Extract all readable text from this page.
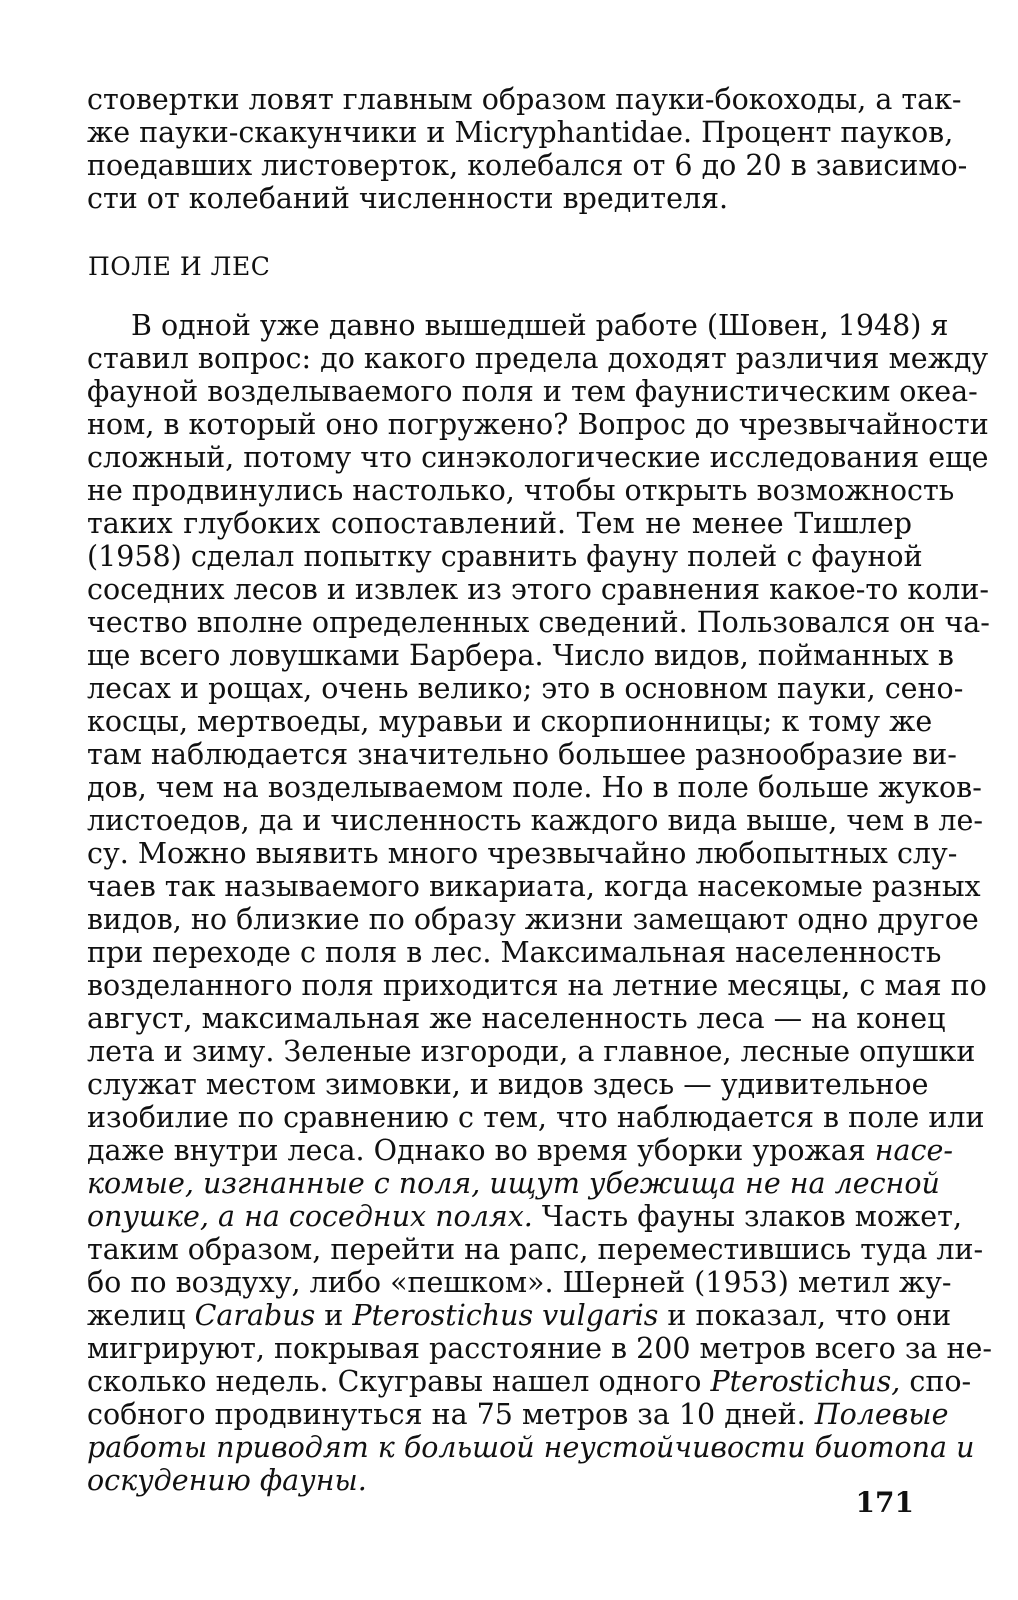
стовертки ловят главным образом пауки-бокоходы, а так-
же пауки-скакунчики и Micryphantidae. Процент пауков,
поедавших листоверток, колебался от 6 до 20 в зависимо-
сти от колебаний численности вредителя.
ПОЛЕ И ЛЕС
В одной уже давно вышедшей работе (Шовен, 1948) я
ставил вопрос: до какого предела доходят различия между
фауной возделываемого поля и тем фаунистическим океа-
ном, в который оно погружено? Вопрос до чрезвычайности
сложный, потому что синэкологические исследования еще
не продвинулись настолько, чтобы открыть возможность
таких глубоких сопоставлений. Тем не менее Тишлер
(1958) сделал попытку сравнить фауну полей с фауной
соседних лесов и извлек из этого сравнения какое-то коли-
чество вполне определенных сведений. Пользовался он ча-
ще всего ловушками Барбера. Число видов, пойманных в
лесах и рощах, очень велико; это в основном пауки, сено-
косцы, мертвоеды, муравьи и скорпионницы; к тому же
там наблюдается значительно большее разнообразие ви-
дов, чем на возделываемом поле. Но в поле больше жуков-
листоедов, да и численность каждого вида выше, чем в ле-
су. Можно выявить много чрезвычайно любопытных слу-
чаев так называемого викариата, когда насекомые разных
видов, но близкие по образу жизни замещают одно другое
при переходе с поля в лес. Максимальная населенность
возделанного поля приходится на летние месяцы, с мая по
август, максимальная же населенность леса — на конец
лета и зиму. Зеленые изгороди, а главное, лесные опушки
служат местом зимовки, и видов здесь — удивительное
изобилие по сравнению с тем, что наблюдается в поле или
даже внутри леса. Однако во время уборки урожая насе-
комые, изгнанные с поля, ищут убежища не на лесной
опушке, а на соседних полях. Часть фауны злаков может,
таким образом, перейти на рапс, переместившись туда ли-
бо по воздуху, либо «пешком». Шерней (1953) метил жу-
желиц Carabus и Pterostichus vulgaris и показал, что они
мигрируют, покрывая расстояние в 200 метров всего за не-
сколько недель. Скугравы нашел одного Pterostichus, спо-
собного продвинуться на 75 метров за 10 дней. Полевые
работы приводят к большой неустойчивости биотопа и
оскудению фауны.
171
